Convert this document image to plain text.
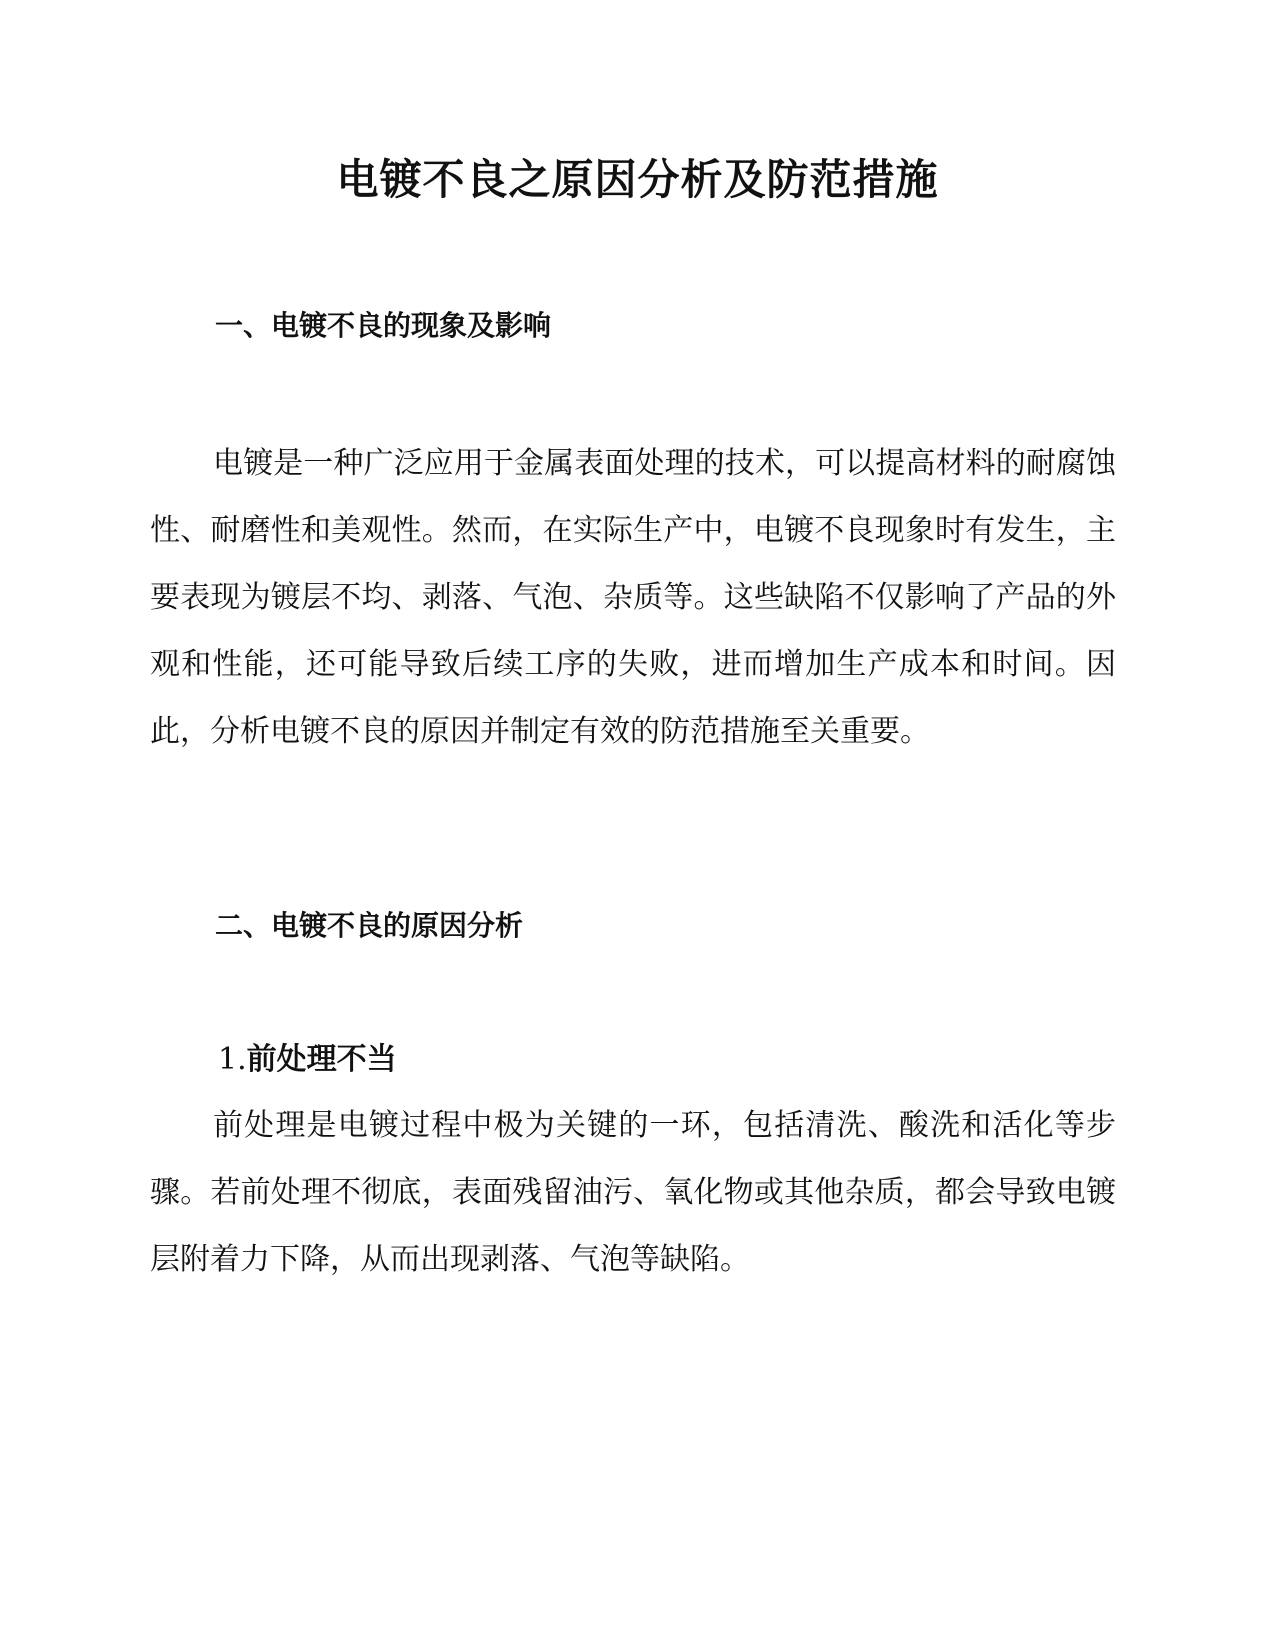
电镀不良之原因分析及防范措施
一、电镀不良的现象及影响

电镀是一种广泛应用于金属表面处理的技术，可以提高材料的耐腐蚀性、耐磨性和美观性。然而，在实际生产中，电镀不良现象时有发生，主要表现为镀层不均、剥落、气泡、杂质等。这些缺陷不仅影响了产品的外观和性能，还可能导致后续工序的失败，进而增加生产成本和时间。因此，分析电镀不良的原因并制定有效的防范措施至关重要。

二、电镀不良的原因分析
1.前处理不当

前处理是电镀过程中极为关键的一环，包括清洗、酸洗和活化等步骤。若前处理不彻底，表面残留油污、氧化物或其他杂质，都会导致电镀层附着力下降，从而出现剥落、气泡等缺陷。
